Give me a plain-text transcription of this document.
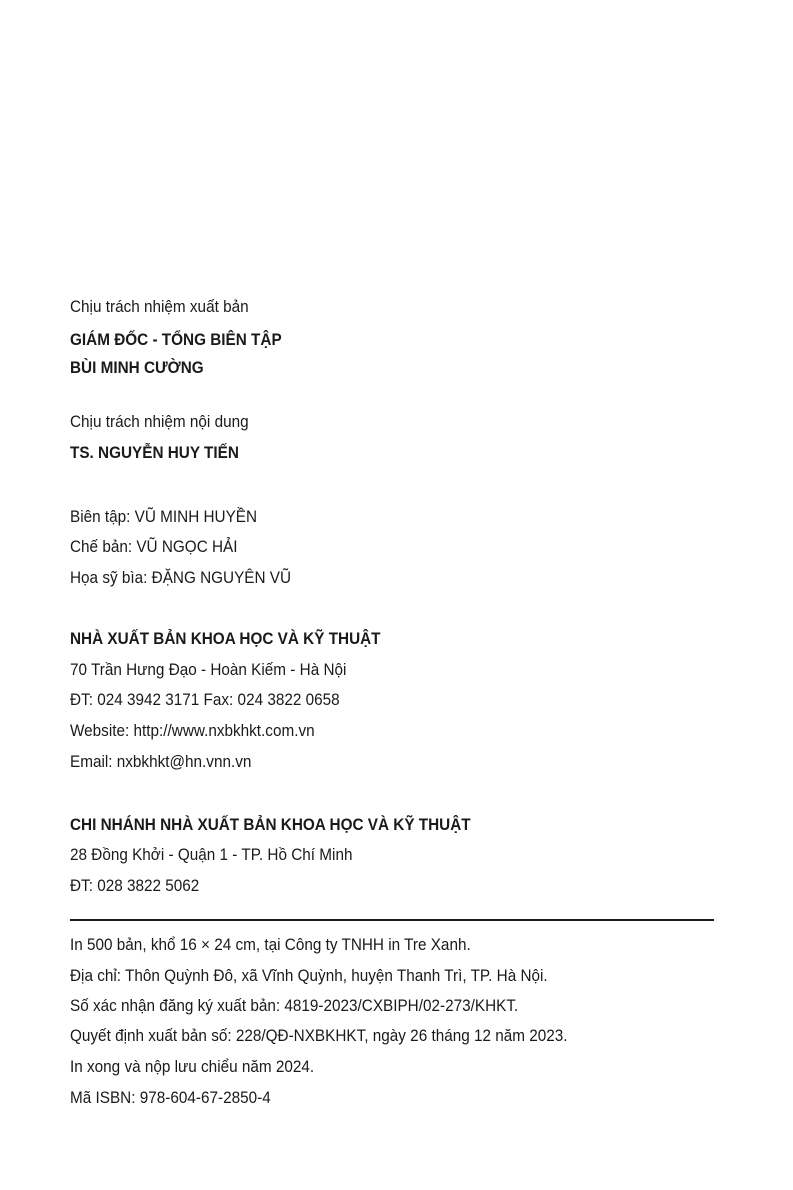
Chịu trách nhiệm xuất bản
GIÁM ĐỐC - TỔNG BIÊN TẬP
BÙI MINH CƯỜNG
Chịu trách nhiệm nội dung
TS. NGUYỄN HUY TIẾN
Biên tập: VŨ MINH HUYỀN
Chế bản: VŨ NGỌC HẢI
Họa sỹ bìa: ĐẶNG NGUYÊN VŨ
NHÀ XUẤT BẢN KHOA HỌC VÀ KỸ THUẬT
70 Trần Hưng Đạo - Hoàn Kiếm - Hà Nội
ĐT: 024 3942 3171 Fax: 024 3822 0658
Website: http://www.nxbkhkt.com.vn
Email: nxbkhkt@hn.vnn.vn
CHI NHÁNH NHÀ XUẤT BẢN KHOA HỌC VÀ KỸ THUẬT
28 Đồng Khởi - Quận 1 - TP. Hồ Chí Minh
ĐT: 028 3822 5062
In 500 bản, khổ 16 × 24 cm, tại Công ty TNHH in Tre Xanh.
Địa chỉ: Thôn Quỳnh Đô, xã Vĩnh Quỳnh, huyện Thanh Trì, TP. Hà Nội.
Số xác nhận đăng ký xuất bản: 4819-2023/CXBIPH/02-273/KHKT.
Quyết định xuất bản số: 228/QĐ-NXBKHKT, ngày 26 tháng 12 năm 2023.
In xong và nộp lưu chiểu năm 2024.
Mã ISBN: 978-604-67-2850-4
